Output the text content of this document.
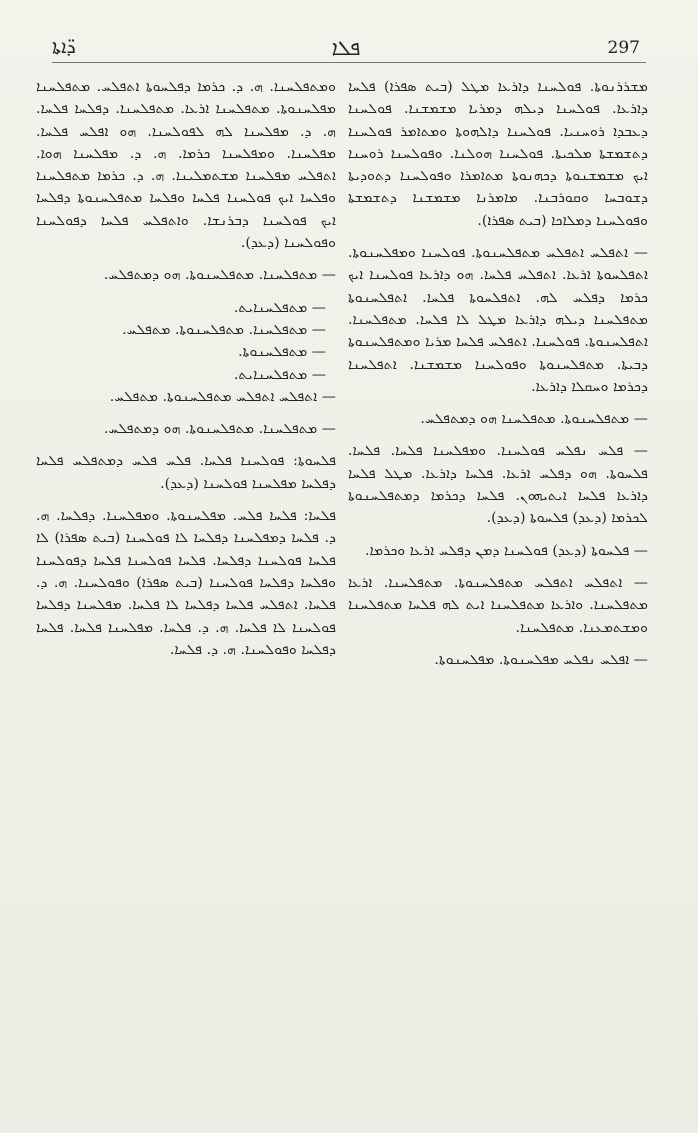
ܕ̈ܐܬܐ	ܦܠܐ	297

ܡܫܪܪܢܘܬܐ. ܦܘܠܚܢܐ ܕܐܪܥܐ ܡܛܠ (ܒܝܬ ܣܦܪܐ) ܦܠܚܐ ܕܐܪܥܐ. ܦܘܠܚܢܐ ܕܝܠܗ ܕܡܪܝܐ ܡܫܡܫܢܐ. ܦܘܠܚܢܐ ܕܥܒܕܐ ܪܘܚܢܝܐ. ܦܘܠܚܢܐ ܕܐܠܗܘܬܐ ܘܡܬܐܡܪ ܦܘܠܚܢܐ ܕܬܫܡܫܬܐ ܡܠܟܝܬܐ. ܦܘܠܚܢܐ ܗܘܠܢܐ. ܘܦܘܠܚܢܐ ܪܘܚܢܐ ܐܝܟ ܡܫܡܫܢܘܬܐ ܕܟܗܢܘܬܐ ܡܬܐܡܪܐ ܘܦܘܠܚܢܐ ܕܬܘܕܝܬܐ ܕܫܘܒܚܐ ܘܩܘܪܒܢܐ. ܡܐܡܪܢܐ ܡܫܡܫܢܐ ܕܬܫܡܫܬܐ ܘܦܘܠܚܢܐ ܕܡܠܐܟܐ (ܒܝܬ ܣܦܪܐ).

— ܐܬܦܠܚ ܐܬܦܠܚ ܡܬܦܠܚܢܘܬܐ. ܦܘܠܚܢܐ ܘܡܦܠܚܢܘܬܐ. ܐܬܦܠܚܘܬܐ ܐܪܥܐ. ܐܬܦܠܚ ܦܠܚܐ. ܗܘ ܕܐܪܥܐ ܦܘܠܚܢܐ ܐܝܟ ܟܪܡܐ ܕܦܠܚ ܠܗ. ܐܬܦܠܚܘܬܐ ܦܠܚܐ. ܐܬܦܠܚܢܘܬܐ ܡܬܦܠܚܢܐ ܕܝܠܗ ܕܐܪܥܐ ܡܛܠ ܠܐ ܦܠܚܐ. ܡܬܦܠܚܢܐ. ܐܬܦܠܚܢܘܬܐ. ܦܘܠܚܢܐ. ܐܬܦܠܚ ܦܠܚܐ ܡܪܝܐ ܘܡܬܦܠܚܢܘܬܐ ܕܒܝܬܐ. ܡܬܦܠܚܢܘܬܐ ܘܦܘܠܚܢܐ ܡܫܡܫܢܐ. ܐܬܦܠܚܢܐ ܕܟܪܡܐ ܘܚܩܠܐ ܕܐܪܥܐ.

— ܡܬܦܠܚܢܘܬܐ. ܡܬܦܠܚܢܐ ܗܘ ܕܡܬܦܠܚ.

— ܦܠܚ ܢܦܠܚ ܦܘܠܚܢܐ. ܘܡܦܠܚܢܐ ܦܠܚܐ. ܦܠܚܐ. ܦܠܚܘܬܐ. ܗܘ ܕܦܠܚ ܐܪܥܐ. ܦܠܚܐ ܕܐܪܥܐ. ܡܛܠ ܦܠܚܐ ܕܐܪܥܐ ܦܠܚܐ ܐܝܬܝܗܘܢ. ܦܠܚܐ ܕܟܪܡܐ ܕܡܬܦܠܚܢܘܬܐ ܠܟܪܡܐ (ܕܥܕ) ܦܠܚܘܬܐ (ܕܥܕ).

— ܦܠܚܘܬܐ (ܕܥܕ) ܦܘܠܚܢܐ ܕܡܢ ܕܦܠܚ ܐܪܥܐ ܘܟܪܡܐ.

— ܐܬܦܠܚ ܐܬܦܠܚ ܡܬܦܠܚܢܘܬܐ. ܡܬܦܠܚܢܐ. ܐܪܥܐ ܡܬܦܠܚܢܐ. ܘܐܪܥܐ ܡܬܦܠܚܢܐ ܐܝܬ ܠܗ ܦܠܚܐ ܡܬܦܠܚܢܐ ܘܡܫܬܡܥܢܐ. ܡܬܦܠܚܢܐ.

— ܐܦܠܚ ܢܦܠܚ ܡܦܠܚܢܘܬܐ. ܡܦܠܚܢܘܬܐ.

ܘܡܬܦܠܚܢܐ. ܗ. ܕ. ܟܪܡܐ ܕܦܠܚܘܬܐ ܐܬܦܠܚ. ܡܬܦܠܚܢܐ ܡܦܠܚܢܘܬܐ. ܡܬܦܠܚܢܐ ܐܪܥܐ. ܡܬܦܠܚܢܐ. ܕܦܠܚܐ ܦܠܚܐ. ܗ. ܕ. ܡܦܠܚܢܐ ܠܗ ܠܦܘܠܚܢܐ. ܗܘ ܐܦܠܚ ܦܠܚܐ. ܡܦܠܚܢܐ. ܘܡܦܠܚܢܐ ܟܪܡܐ. ܗ. ܕ. ܡܦܠܚܢܐ ܗܘܐ. ܐܬܦܠܚ ܡܦܠܚܢܐ ܡܫܬܡܠܝܢܐ. ܗ. ܕ. ܟܪܡܐ ܡܬܦܠܚܢܐ ܘܦܠܚܐ ܐܝܟ ܦܘܠܚܢܐ ܦܠܚܐ ܘܦܠܚܐ ܡܬܦܠܚܢܘܬܐ ܕܦܠܚܐ ܐܝܟ ܦܘܠܚܢܐ ܕܒܪܢܫܐ. ܘܐܬܦܠܚ ܦܠܚܐ ܕܦܘܠܚܢܐ ܘܦܘܠܚܢܐ (ܕܥܕ).

— ܡܬܦܠܚܢܐ. ܡܬܦܠܚܢܘܬܐ. ܗܘ ܕܡܬܦܠܚ.

— ܡܬܦܠܚܢܐܝܬ.

— ܡܬܦܠܚܢܐ. ܡܬܦܠܚܢܘܬܐ. ܡܬܦܠܚ.

— ܡܬܦܠܚܢܘܬܐ.

— ܡܬܦܠܚܢܐܝܬ.

— ܐܬܦܠܚ ܐܬܦܠܚ ܡܬܦܠܚܢܘܬܐ. ܡܬܦܠܚ.

— ܡܬܦܠܚܢܐ. ܡܬܦܠܚܢܘܬܐ. ܗܘ ܕܡܬܦܠܚ.

ܦܠܚܘܬܐ: ܦܘܠܚܢܐ ܦܠܚܐ. ܦܠܚ ܦܠܚ ܕܡܬܦܠܚ ܦܠܚܐ ܕܦܠܚܐ ܡܦܠܚܢܐ ܦܘܠܚܢܐ (ܕܥܕ).

ܦܠܚܐ: ܦܠܚܐ ܦܠܚ. ܡܦܠܚܢܘܬܐ. ܘܡܦܠܚܢܐ. ܕܦܠܚܐ. ܗ. ܕ. ܦܠܚܐ ܕܡܦܠܚܢܐ ܕܦܠܚܐ ܠܐ ܦܘܠܚܢܐ (ܒܝܬ ܣܦܪܐ) ܠܐ ܦܠܚܐ ܦܘܠܚܢܐ ܕܦܠܚܐ. ܦܠܚܐ ܦܘܠܚܢܐ ܦܠܚܐ ܕܦܘܠܚܢܐ ܘܦܠܚܐ ܕܦܠܚܐ ܦܘܠܚܢܐ (ܒܝܬ ܣܦܪܐ) ܘܦܘܠܚܢܐ. ܗ. ܕ. ܦܠܚܐ. ܐܬܦܠܚ ܦܠܚܐ ܕܦܠܚܐ ܠܐ ܦܠܚܐ. ܡܦܠܚܢܐ ܕܦܠܚܐ ܦܘܠܚܢܐ ܠܐ ܦܠܚܐ. ܗ. ܕ. ܦܠܚܐ. ܡܦܠܚܢܐ ܦܠܚܐ. ܦܠܚܐ ܕܦܠܚܐ ܘܦܘܠܚܢܐ. ܗ. ܕ. ܦܠܚܐ.
